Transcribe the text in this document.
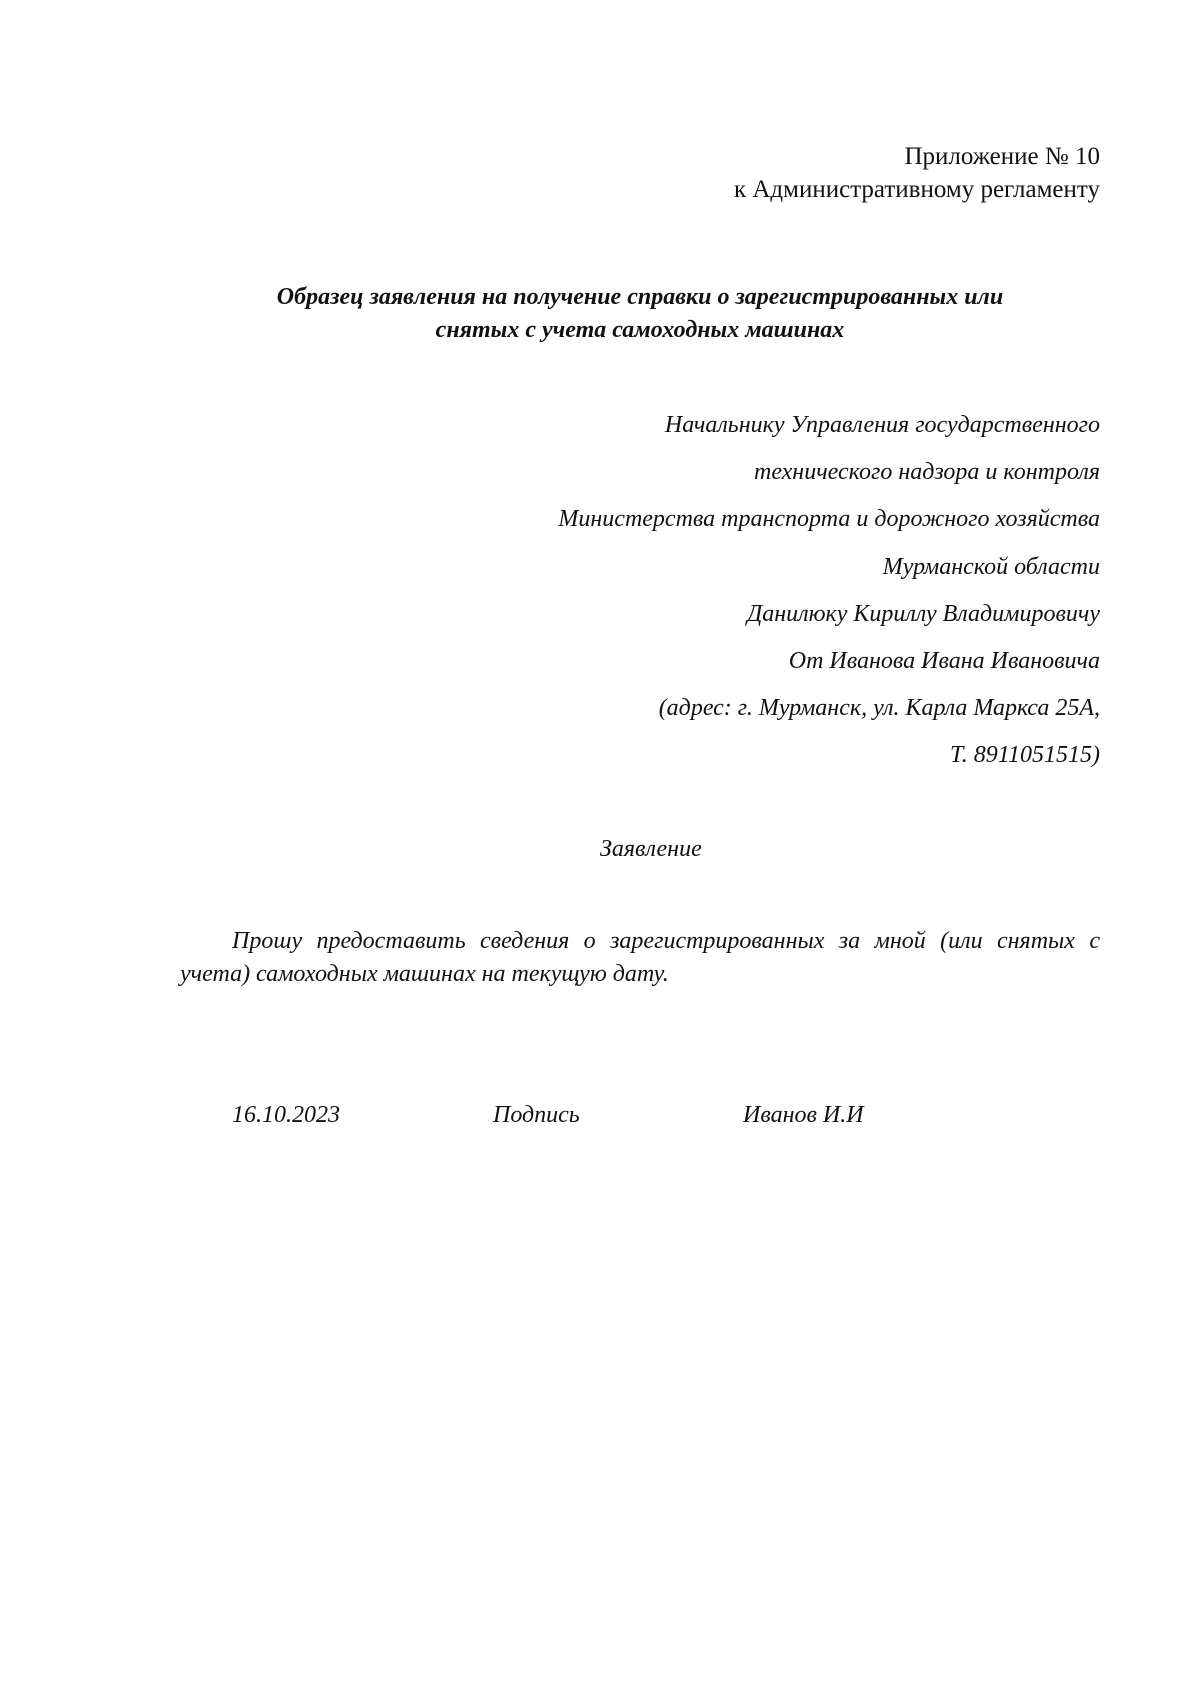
Приложение № 10
к Административному регламенту
Образец заявления на получение справки о зарегистрированных или
снятых с учета самоходных машинах
Начальнику Управления государственного
технического надзора и контроля
Министерства транспорта и дорожного хозяйства
Мурманской области
Данилюку Кириллу Владимировичу
От Иванова Ивана Ивановича
(адрес: г. Мурманск, ул. Карла Маркса 25А,
Т. 8911051515)
Заявление
Прошу предоставить сведения о зарегистрированных за мной (или снятых с учета) самоходных машинах на текущую дату.
16.10.2023	Подпись	Иванов И.И
